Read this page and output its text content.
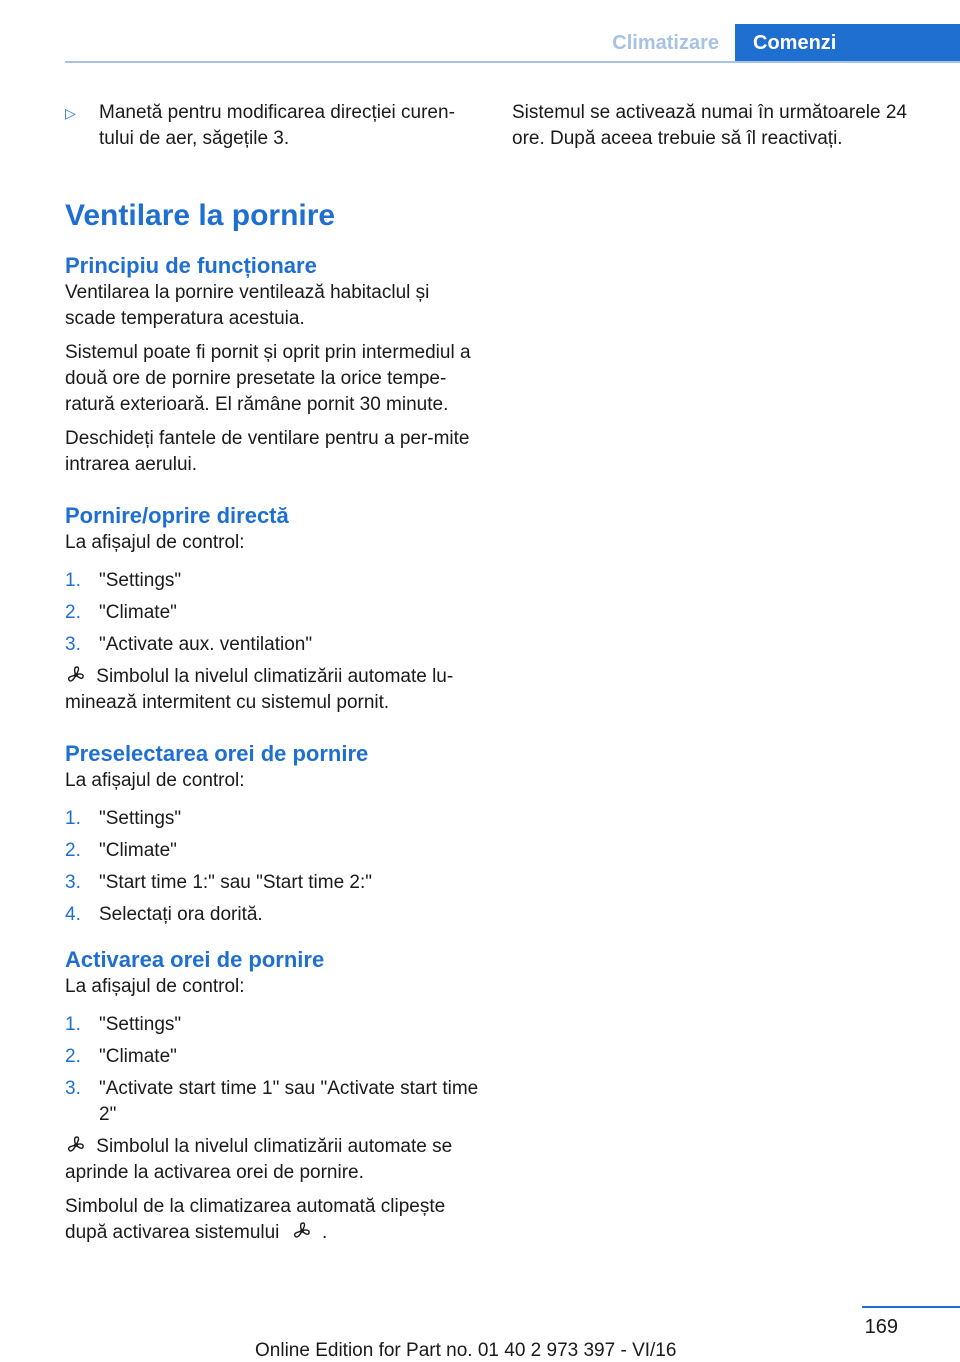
Climatizare	Comenzi
▷	Manetă pentru modificarea direcției curen-tului de aer, săgețile 3.
Ventilare la pornire
Principiu de funcționare

Ventilarea la pornire ventilează habitaclul și scade temperatura acestuia.

Sistemul poate fi pornit și oprit prin intermediul a două ore de pornire presetate la orice tempe-ratură exterioară. El rămâne pornit 30 minute.

Deschideți fantele de ventilare pentru a per-mite intrarea aerului.

Pornire/oprire directă

La afișajul de control:

1. "Settings"
2. "Climate"
3. "Activate aux. ventilation"

Simbolul la nivelul climatizării automate lu-minează intermitent cu sistemul pornit.

Preselectarea orei de pornire

La afișajul de control:

1. "Settings"
2. "Climate"
3. "Start time 1:" sau "Start time 2:"
4. Selectați ora dorită.
Activarea orei de pornire

La afișajul de control:

1. "Settings"
2. "Climate"
3. "Activate start time 1" sau "Activate start time 2"

Simbolul la nivelul climatizării automate se aprinde la activarea orei de pornire.

Simbolul de la climatizarea automată clipește după activarea sistemului .

Sistemul se activează numai în următoarele 24 ore. După aceea trebuie să îl reactivați.

169
Online Edition for Part no. 01 40 2 973 397 - VI/16
